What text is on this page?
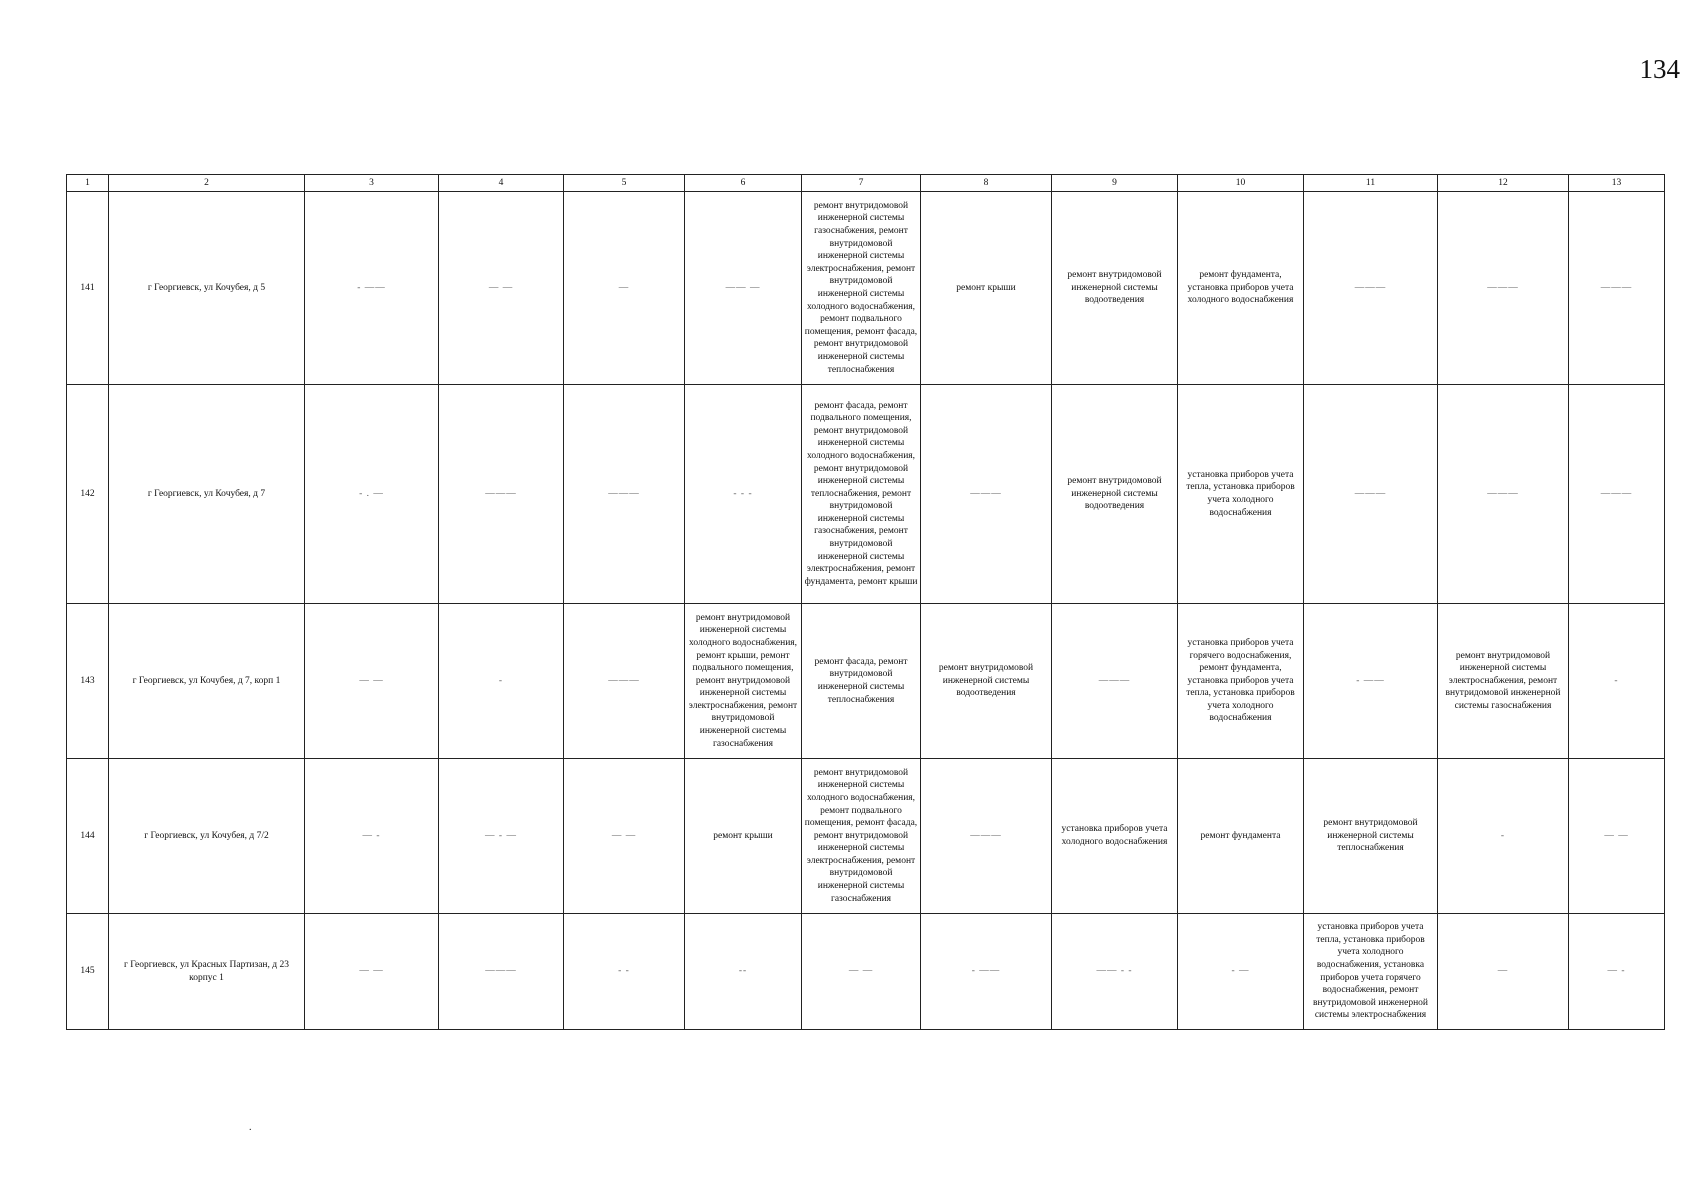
134
1	2	3	4	5	6	7	8	9	10	11	12	13
141	г Георгиевск, ул Кочубея, д 5	- ——	— —	—	—— —	ремонт внутридомовой инженерной системы газоснабжения, ремонт внутридомовой инженерной системы электроснабжения, ремонт внутридомовой инженерной системы холодного водоснабжения, ремонт подвального помещения, ремонт фасада, ремонт внутридомовой инженерной системы теплоснабжения	ремонт крыши	ремонт внутридомовой инженерной системы водоотведения	ремонт фундамента, установка приборов учета холодного водоснабжения	———	———	———
142	г Георгиевск, ул Кочубея, д 7	- . —	———	———	- - -	ремонт фасада, ремонт подвального помещения, ремонт внутридомовой инженерной системы холодного водоснабжения, ремонт внутридомовой инженерной системы теплоснабжения, ремонт внутридомовой инженерной системы газоснабжения, ремонт внутридомовой инженерной системы электроснабжения, ремонт фундамента, ремонт крыши	———	ремонт внутридомовой инженерной системы водоотведения	установка приборов учета тепла, установка приборов учета холодного водоснабжения	———	———	———
143	г Георгиевск, ул Кочубея, д 7, корп 1	— —	-	———	ремонт внутридомовой инженерной системы холодного водоснабжения, ремонт крыши, ремонт подвального помещения, ремонт внутридомовой инженерной системы электроснабжения, ремонт внутридомовой инженерной системы газоснабжения	ремонт фасада, ремонт внутридомовой инженерной системы теплоснабжения	ремонт внутридомовой инженерной системы водоотведения	———	установка приборов учета горячего водоснабжения, ремонт фундамента, установка приборов учета тепла, установка приборов учета холодного водоснабжения	- ——	ремонт внутридомовой инженерной системы электроснабжения, ремонт внутридомовой инженерной системы газоснабжения	-
144	г Георгиевск, ул Кочубея, д 7/2	— -	— - —	— —	ремонт крыши	ремонт внутридомовой инженерной системы холодного водоснабжения, ремонт подвального помещения, ремонт фасада, ремонт внутридомовой инженерной системы электроснабжения, ремонт внутридомовой инженерной системы газоснабжения	———	установка приборов учета холодного водоснабжения	ремонт фундамента	ремонт внутридомовой инженерной системы теплоснабжения	-	— —
145	г Георгиевск, ул Красных Партизан, д 23 корпус 1	— —	———	- -	--	— —	- ——	—— - -	- —	установка приборов учета тепла, установка приборов учета холодного водоснабжения, установка приборов учета горячего водоснабжения, ремонт внутридомовой инженерной системы электроснабжения	—	— -
.
